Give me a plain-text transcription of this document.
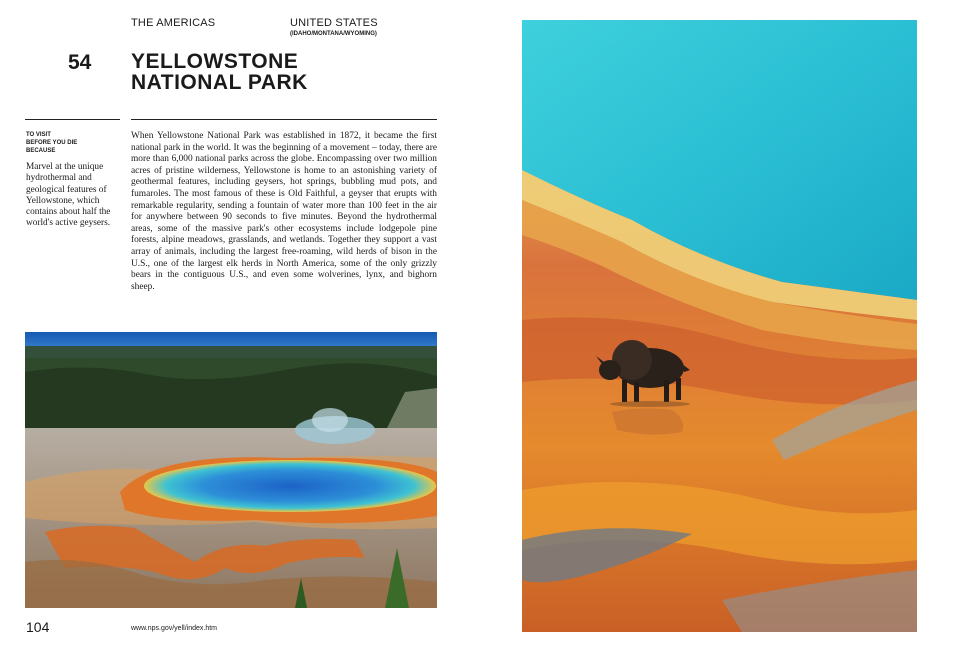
THE AMERICAS	UNITED STATES
(IDAHO/MONTANA/WYOMING)
54 YELLOWSTONE
NATIONAL PARK
TO VISIT
BEFORE YOU DIE
BECAUSE
Marvel at the unique hydrothermal and geological features of Yellowstone, which contains about half the world's active geysers.
When Yellowstone National Park was established in 1872, it became the first national park in the world. It was the beginning of a movement – today, there are more than 6,000 national parks across the globe. Encompassing over two million acres of pristine wilderness, Yellowstone is home to an astonishing variety of geothermal features, including geysers, hot springs, bubbling mud pots, and fumaroles. The most famous of these is Old Faithful, a geyser that erupts with remarkable regularity, sending a fountain of water more than 100 feet in the air for anywhere between 90 seconds to five minutes. Beyond the hydrothermal areas, some of the massive park's other ecosystems include lodgepole pine forests, alpine meadows, grasslands, and wetlands. Together they support a vast array of animals, including the largest free-roaming, wild herds of bison in the U.S., one of the largest elk herds in North America, some of the only grizzly bears in the contiguous U.S., and even some wolverines, lynx, and bighorn sheep.
104	www.nps.gov/yell/index.htm
